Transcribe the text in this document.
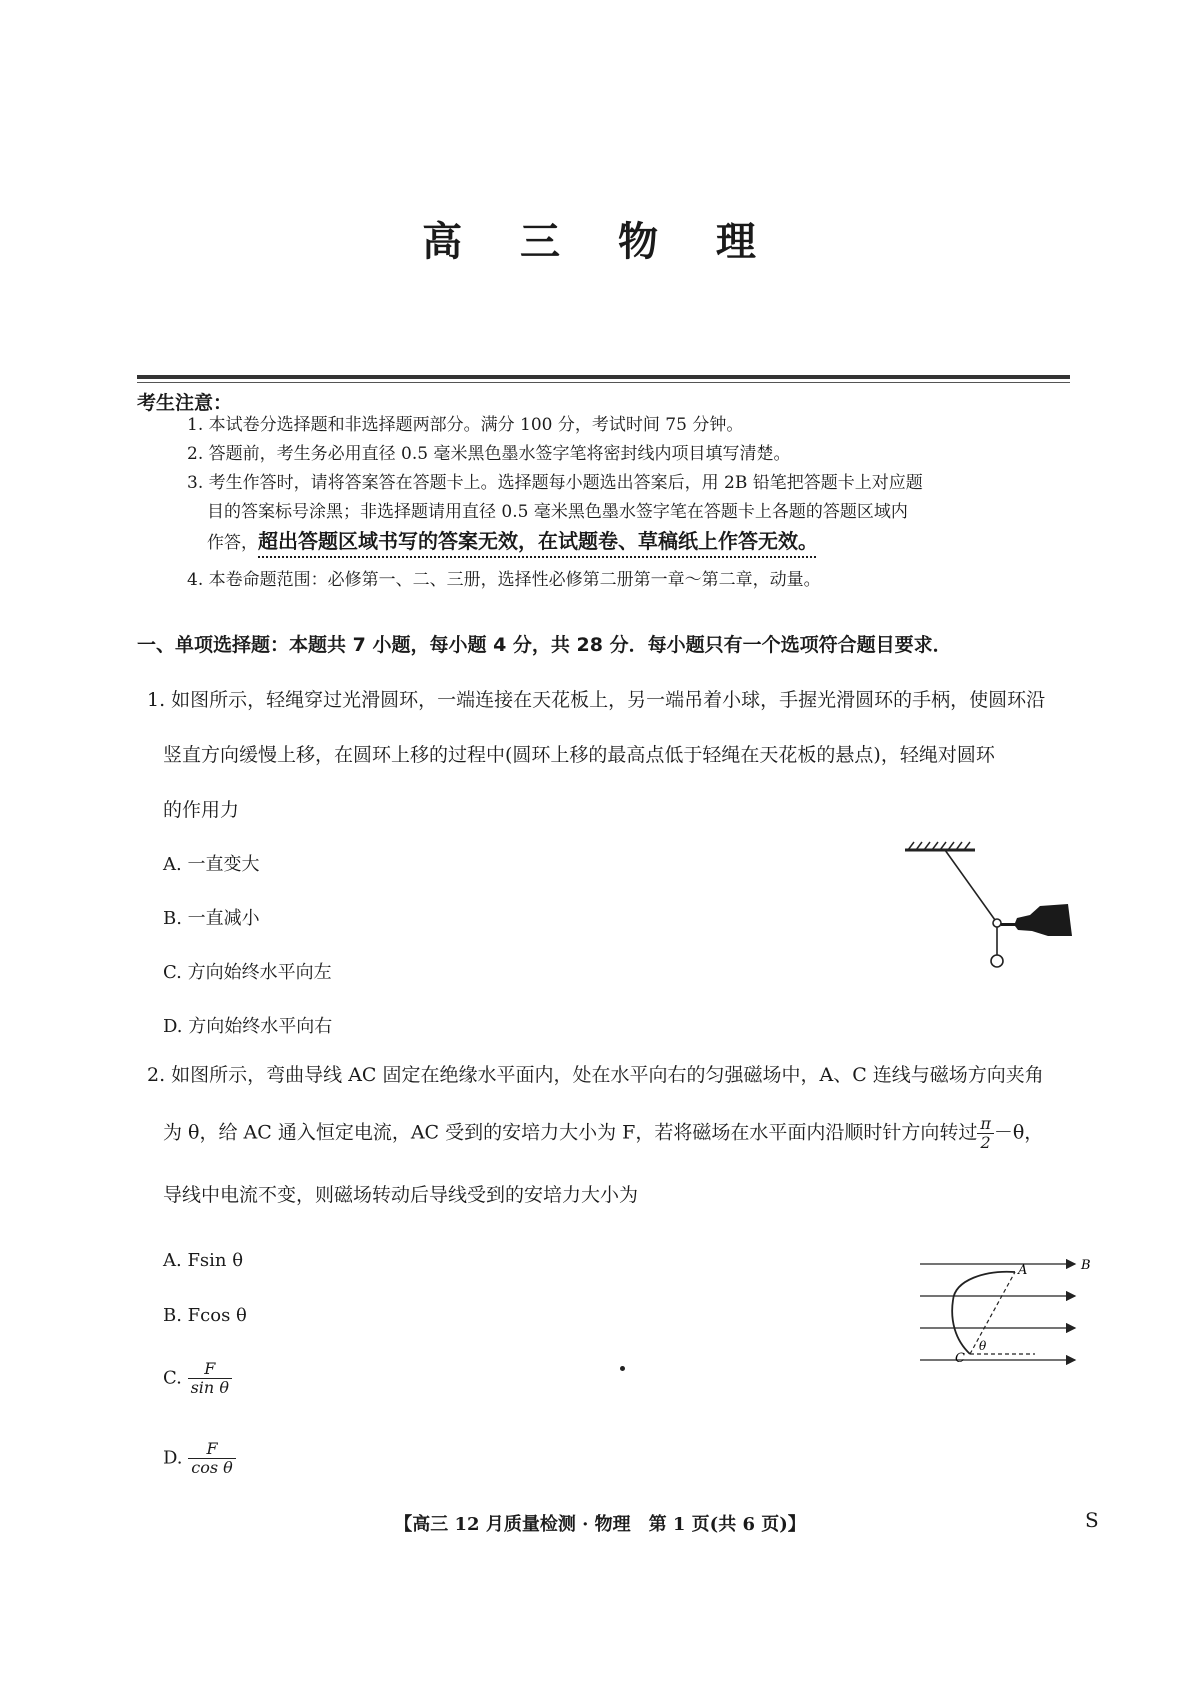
高 三 物 理
考生注意：
1. 本试卷分选择题和非选择题两部分。满分 100 分，考试时间 75 分钟。
2. 答题前，考生务必用直径 0.5 毫米黑色墨水签字笔将密封线内项目填写清楚。
3. 考生作答时，请将答案答在答题卡上。选择题每小题选出答案后，用 2B 铅笔把答题卡上对应题
目的答案标号涂黑；非选择题请用直径 0.5 毫米黑色墨水签字笔在答题卡上各题的答题区域内
作答，超出答题区域书写的答案无效，在试题卷、草稿纸上作答无效。
4. 本卷命题范围：必修第一、二、三册，选择性必修第二册第一章～第二章，动量。
一、单项选择题：本题共 7 小题，每小题 4 分，共 28 分．每小题只有一个选项符合题目要求．
1. 如图所示，轻绳穿过光滑圆环，一端连接在天花板上，另一端吊着小球，手握光滑圆环的手柄，使圆环沿
竖直方向缓慢上移，在圆环上移的过程中(圆环上移的最高点低于轻绳在天花板的悬点)，轻绳对圆环
的作用力
A. 一直变大
B. 一直减小
C. 方向始终水平向左
D. 方向始终水平向右
2. 如图所示，弯曲导线 AC 固定在绝缘水平面内，处在水平向右的匀强磁场中，A、C 连线与磁场方向夹角
为 θ，给 AC 通入恒定电流，AC 受到的安培力大小为 F，若将磁场在水平面内沿顺时针方向转过 $\frac{\pi}{2} -\theta$，
导线中电流不变，则磁场转动后导线受到的安培力大小为
A. Fsin θ
B. Fcos θ
C. $\frac{F}{\text{sin θ}}$
D. $\frac{F}{\text{cos θ}}$
B
A
C
θ
【高三 12 月质量检测 · 物理　第 1 页(共 6 页)】	S
